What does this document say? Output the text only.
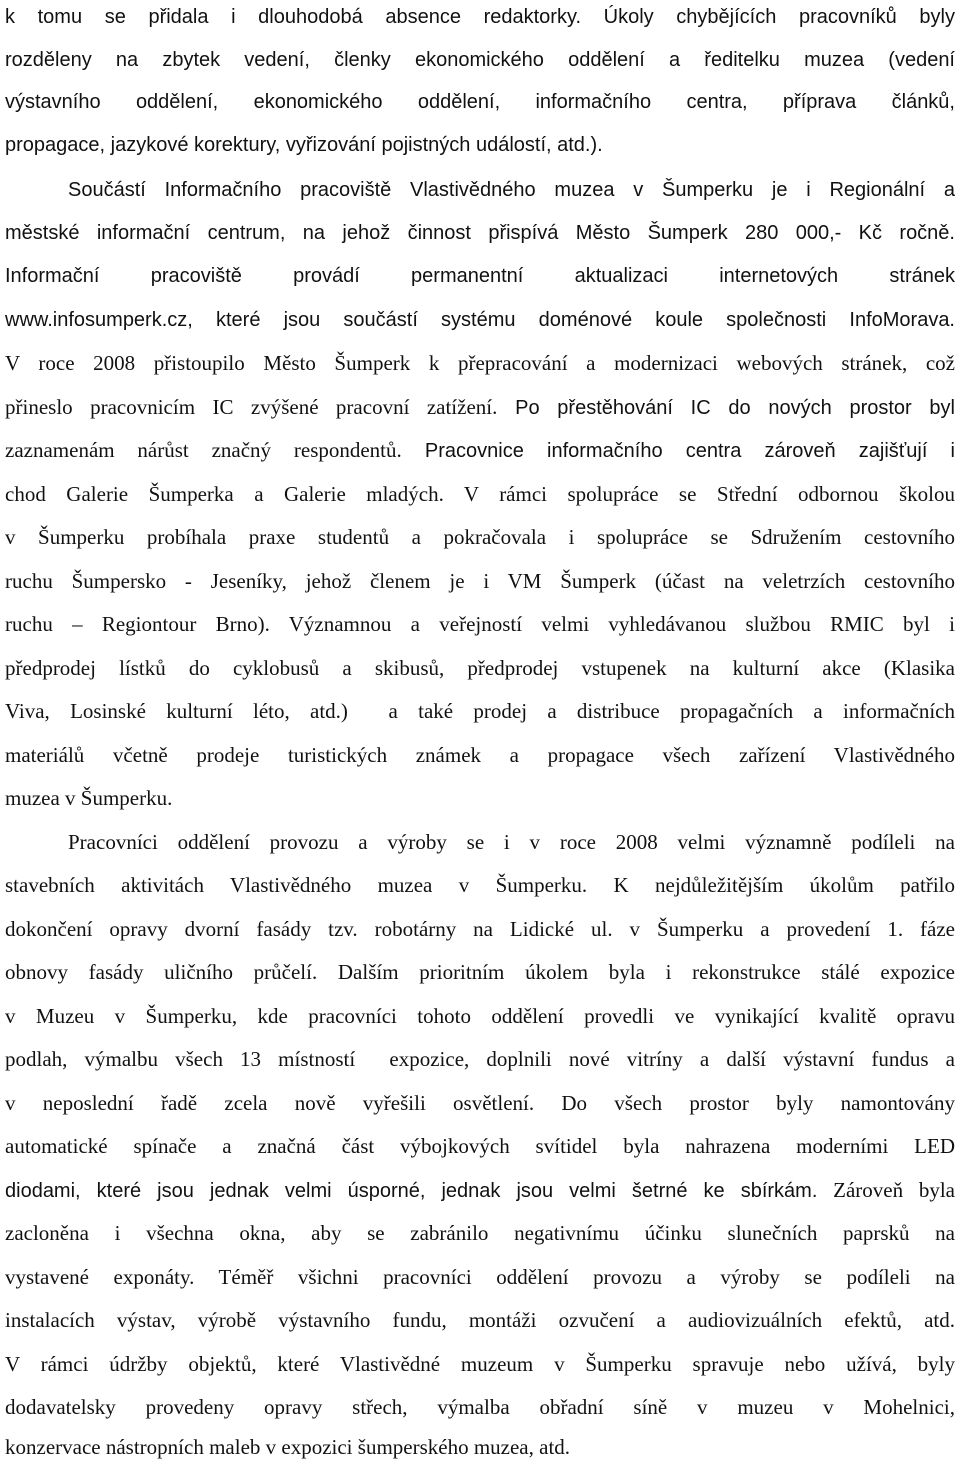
k tomu se přidala i dlouhodobá absence redaktorky. Úkoly chybějících pracovníků byly
rozděleny na zbytek vedení, členky ekonomického oddělení a ředitelku muzea (vedení
výstavního oddělení, ekonomického oddělení, informačního centra, příprava článků,
propagace, jazykové korektury, vyřizování pojistných událostí, atd.).
Součástí Informačního pracoviště Vlastivědného muzea v Šumperku je i Regionální a
městské informační centrum, na jehož činnost přispívá Město Šumperk 280 000,- Kč ročně.
Informační pracoviště provádí permanentní aktualizaci internetových stránek
www.infosumperk.cz, které jsou součástí systému doménové koule společnosti InfoMorava.
V roce 2008 přistoupilo Město Šumperk k přepracování a modernizaci webových stránek, což
přineslo pracovnicím IC zvýšené pracovní zatížení. Po přestěhování IC do nových prostor byl
zaznamenám nárůst značný respondentů. Pracovnice informačního centra zároveň zajišťují i
chod Galerie Šumperka a Galerie mladých. V rámci spolupráce se Střední odbornou školou
v Šumperku probíhala praxe studentů a pokračovala i spolupráce se Sdružením cestovního
ruchu Šumpersko - Jeseníky, jehož členem je i VM Šumperk (účast na veletrzích cestovního
ruchu – Regiontour Brno). Významnou a veřejností velmi vyhledávanou službou RMIC byl i
předprodej lístků do cyklobusů a skibusů, předprodej vstupenek na kulturní akce (Klasika
Viva, Losinské kulturní léto, atd.)  a také prodej a distribuce propagačních a informačních
materiálů včetně prodeje turistických známek a propagace všech zařízení Vlastivědného
muzea v Šumperku.
Pracovníci oddělení provozu a výroby se i v roce 2008 velmi významně podíleli na
stavebních aktivitách Vlastivědného muzea v Šumperku. K nejdůležitějším úkolům patřilo
dokončení opravy dvorní fasády tzv. robotárny na Lidické ul. v Šumperku a provedení 1. fáze
obnovy fasády uličního průčelí. Dalším prioritním úkolem byla i rekonstrukce stálé expozice
v Muzeu v Šumperku, kde pracovníci tohoto oddělení provedli ve vynikající kvalitě opravu
podlah, výmalbu všech 13 místností  expozice, doplnili nové vitríny a další výstavní fundus a
v neposlední řadě zcela nově vyřešili osvětlení. Do všech prostor byly namontovány
automatické spínače a značná část výbojkových svítidel byla nahrazena moderními LED
diodami, které jsou jednak velmi úsporné, jednak jsou velmi šetrné ke sbírkám. Zároveň byla
zacloněna i všechna okna, aby se zabránilo negativnímu účinku slunečních paprsků na
vystavené exponáty. Téměř všichni pracovníci oddělení provozu a výroby se podíleli na
instalacích výstav, výrobě výstavního fundu, montáži ozvučení a audiovizuálních efektů, atd.
V rámci údržby objektů, které Vlastivědné muzeum v Šumperku spravuje nebo užívá, byly
dodavatelsky provedeny opravy střech, výmalba obřadní síně v muzeu v Mohelnici,
konzervace nástropních maleb v expozici šumperského muzea, atd.
